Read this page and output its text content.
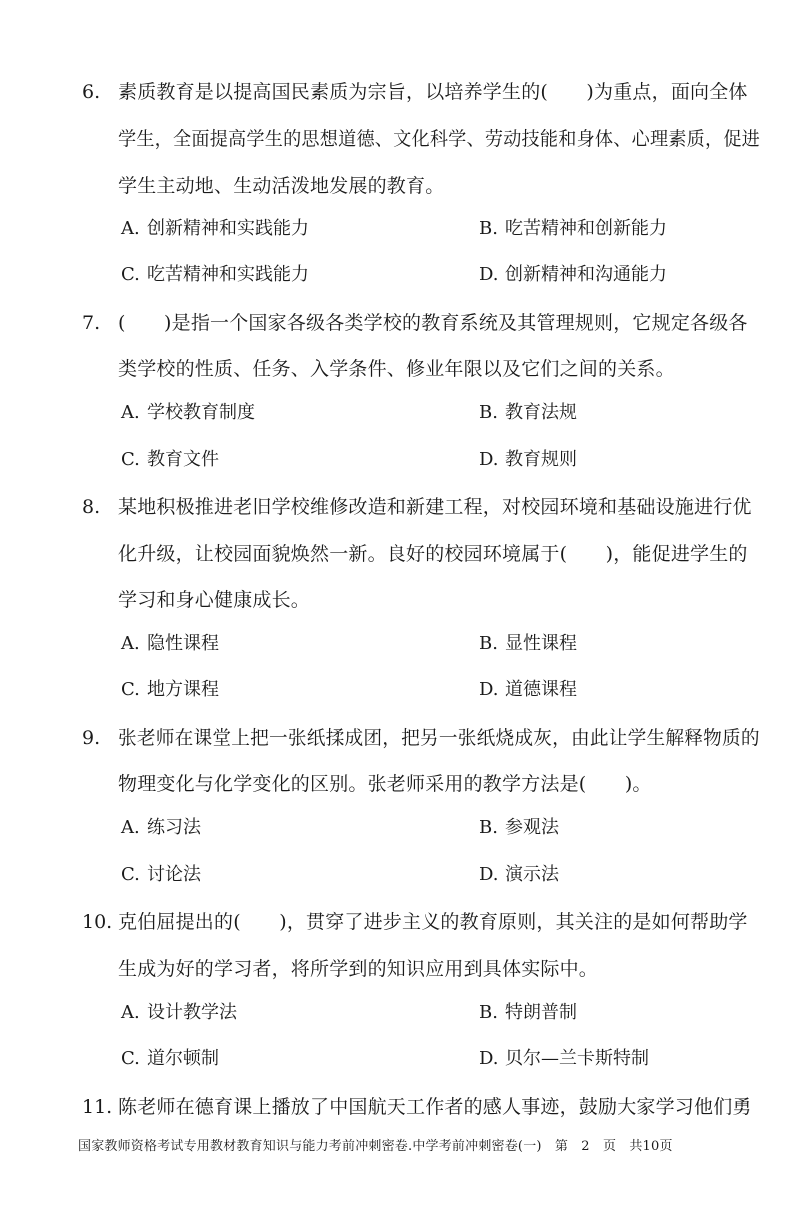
6. 素质教育是以提高国民素质为宗旨，以培养学生的(　　)为重点，面向全体
学生，全面提高学生的思想道德、文化科学、劳动技能和身体、心理素质，促进
学生主动地、生动活泼地发展的教育。
A. 创新精神和实践能力	B. 吃苦精神和创新能力
C. 吃苦精神和实践能力	D. 创新精神和沟通能力
7. (　　)是指一个国家各级各类学校的教育系统及其管理规则，它规定各级各
类学校的性质、任务、入学条件、修业年限以及它们之间的关系。
A. 学校教育制度	B. 教育法规
C. 教育文件	D. 教育规则
8. 某地积极推进老旧学校维修改造和新建工程，对校园环境和基础设施进行优
化升级，让校园面貌焕然一新。良好的校园环境属于(　　)，能促进学生的
学习和身心健康成长。
A. 隐性课程	B. 显性课程
C. 地方课程	D. 道德课程
9. 张老师在课堂上把一张纸揉成团，把另一张纸烧成灰，由此让学生解释物质的
物理变化与化学变化的区别。张老师采用的教学方法是(　　)。
A. 练习法	B. 参观法
C. 讨论法	D. 演示法
10. 克伯屈提出的(　　)，贯穿了进步主义的教育原则，其关注的是如何帮助学
生成为好的学习者，将所学到的知识应用到具体实际中。
A. 设计教学法	B. 特朗普制
C. 道尔顿制	D. 贝尔—兰卡斯特制
11. 陈老师在德育课上播放了中国航天工作者的感人事迹，鼓励大家学习他们勇
国家教师资格考试专用教材教育知识与能力考前冲刺密卷.中学考前冲刺密卷(一)　第　2　页　共10页
